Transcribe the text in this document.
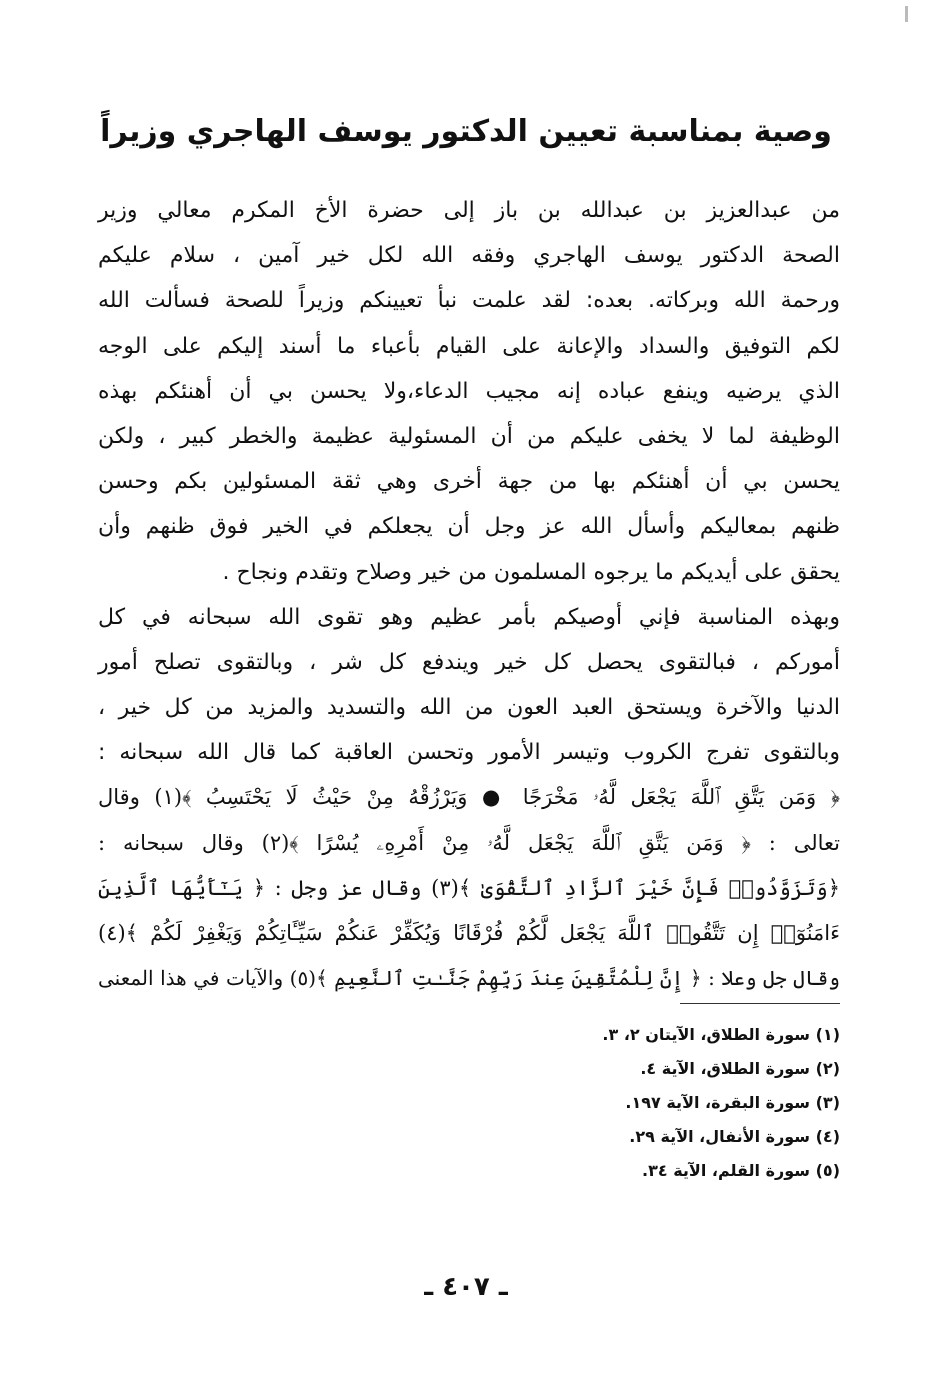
وصية بمناسبة تعيين الدكتور يوسف الهاجري وزيراً
من عبدالعزيز بن عبدالله بن باز إلى حضرة الأخ المكرم معالي وزير
الصحة الدكتور يوسف الهاجري وفقه الله لكل خير آمين ، سلام عليكم
ورحمة الله وبركاته. بعده: لقد علمت نبأ تعيينكم وزيراً للصحة فسألت الله
لكم التوفيق والسداد والإعانة على القيام بأعباء ما أسند إليكم على الوجه
الذي يرضيه وينفع عباده إنه مجيب الدعاء،ولا يحسن بي أن أهنئكم بهذه
الوظيفة لما لا يخفى عليكم من أن المسئولية عظيمة والخطر كبير ، ولكن
يحسن بي أن أهنئكم بها من جهة أخرى وهي ثقة المسئولين بكم وحسن
ظنهم بمعاليكم وأسأل الله عز وجل أن يجعلكم في الخير فوق ظنهم وأن
يحقق على أيديكم ما يرجوه المسلمون من خير وصلاح وتقدم ونجاح .
وبهذه المناسبة فإني أوصيكم بأمر عظيم وهو تقوى الله سبحانه في كل
أموركم ، فبالتقوى يحصل كل خير ويندفع كل شر ، وبالتقوى تصلح أمور
الدنيا والآخرة ويستحق العبد العون من الله والتسديد والمزيد من كل خير ،
وبالتقوى تفرج الكروب وتيسر الأمور وتحسن العاقبة كما قال الله سبحانه :
﴿ وَمَن يَتَّقِ ٱللَّهَ يَجْعَل لَّهُۥ مَخْرَجًا ● وَيَرْزُقْهُ مِنْ حَيْثُ لَا يَحْتَسِبُ ﴾(١) وقال
تعالى : ﴿ وَمَن يَتَّقِ ٱللَّهَ يَجْعَل لَّهُۥ مِنْ أَمْرِهِۦ يُسْرًا ﴾(٢) وقال سبحانه :
﴿وَتَزَوَّدُوا۟ فَإِنَّ خَيْرَ ٱلزَّادِ ٱلتَّقْوَىٰ ﴾(٣) وقال عز وجل : ﴿ يَـٰٓأَيُّهَا ٱلَّذِينَ
ءَامَنُوٓا۟ إِن تَتَّقُوا۟ ٱللَّهَ يَجْعَل لَّكُمْ فُرْقَانًا وَيُكَفِّرْ عَنكُمْ سَيِّـَٔاتِكُمْ وَيَغْفِرْ لَكُمْ ﴾(٤)
وقال جل وعلا : ﴿ إِنَّ لِلْمُتَّقِينَ عِندَ رَبِّهِمْ جَنَّـٰتِ ٱلنَّعِيمِ ﴾(٥) والآيات في هذا المعنى
(١) سورة الطلاق، الآيتان ٢، ٣.
(٢) سورة الطلاق، الآية ٤.
(٣) سورة البقرة، الآية ١٩٧.
(٤) سورة الأنفال، الآية ٢٩.
(٥) سورة القلم، الآية ٣٤.
ـ ٤٠٧ ـ
